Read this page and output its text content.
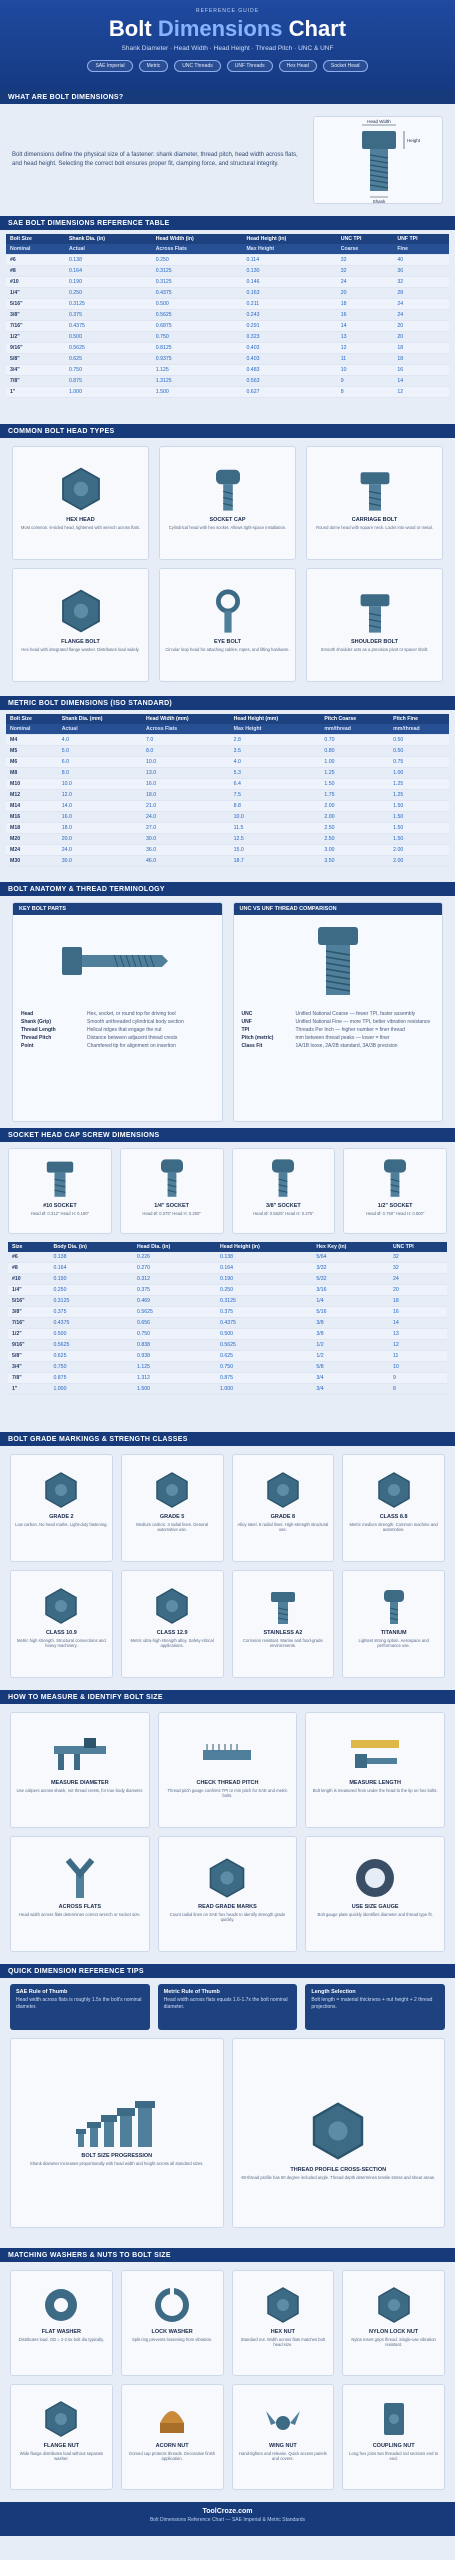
REFERENCE GUIDE
Bolt Dimensions Chart
Shank Diameter · Head Width · Head Height · Thread Pitch · UNC & UNF
SAE Imperial	Metric	UNC Threads	UNF Threads	Hex Head	Socket Head
WHAT ARE BOLT DIMENSIONS?
Bolt dimensions define the physical size of a fastener: shank diameter, thread pitch, head width across flats, and head height. Selecting the correct bolt ensures proper fit, clamping force, and structural integrity.
Head Width
Height
Shank
SAE BOLT DIMENSIONS REFERENCE TABLE
Bolt Size	Shank Dia. (in)	Head Width (in)	Head Height (in)	UNC TPI	UNF TPI
Nominal	Actual	Across Flats	Max Height	Coarse	Fine
#6	0.138	0.250	0.114	32	40
#8	0.164	0.3125	0.130	32	36
#10	0.190	0.3125	0.146	24	32
1/4"	0.250	0.4375	0.163	20	28
5/16"	0.3125	0.500	0.211	18	24
3/8"	0.375	0.5625	0.243	16	24
7/16"	0.4375	0.6875	0.291	14	20
1/2"	0.500	0.750	0.323	13	20
9/16"	0.5625	0.8125	0.403	12	18
5/8"	0.625	0.9375	0.403	11	18
3/4"	0.750	1.125	0.483	10	16
7/8"	0.875	1.3125	0.563	9	14
1"	1.000	1.500	0.627	8	12
COMMON BOLT HEAD TYPES
HEX HEAD
Most common. 6-sided head, tightened with wrench across flats.
SOCKET CAP
Cylindrical head with hex socket. Allows tight-space installation.
CARRIAGE BOLT
Round dome head with square neck. Locks into wood or metal.
FLANGE BOLT
Hex head with integrated flange washer. Distributes load widely.
EYE BOLT
Circular loop head for attaching cables, ropes, and lifting hardware.
SHOULDER BOLT
Smooth shoulder acts as a precision pivot or spacer shaft.
METRIC BOLT DIMENSIONS (ISO STANDARD)
Bolt Size	Shank Dia. (mm)	Head Width (mm)	Head Height (mm)	Pitch Coarse	Pitch Fine
Nominal	Actual	Across Flats	Max Height	mm/thread	mm/thread
M4	4.0	7.0	2.8	0.70	0.50
M5	5.0	8.0	3.5	0.80	0.50
M6	6.0	10.0	4.0	1.00	0.75
M8	8.0	13.0	5.3	1.25	1.00
M10	10.0	16.0	6.4	1.50	1.25
M12	12.0	18.0	7.5	1.75	1.25
M14	14.0	21.0	8.8	2.00	1.50
M16	16.0	24.0	10.0	2.00	1.50
M18	18.0	27.0	11.5	2.50	1.50
M20	20.0	30.0	12.5	2.50	1.50
M24	24.0	36.0	15.0	3.00	2.00
M30	30.0	46.0	18.7	3.50	2.00
BOLT ANATOMY & THREAD TERMINOLOGY
KEY BOLT PARTS
Head	Hex, socket, or round top for driving tool
Shank (Grip)	Smooth unthreaded cylindrical body section
Thread Length	Helical ridges that engage the nut
Thread Pitch	Distance between adjacent thread crests
Point	Chamfered tip for alignment on insertion
UNC VS UNF THREAD COMPARISON
UNC	Unified National Coarse — fewer TPI, faster assembly
UNF	Unified National Fine — more TPI, better vibration resistance
TPI	Threads Per Inch — higher number = finer thread
Pitch (metric)	mm between thread peaks — lower = finer
Class Fit	1A/1B loose, 2A/2B standard, 3A/3B precision
SOCKET HEAD CAP SCREW DIMENSIONS
#10 SOCKET
Head Ø: 0.312" Head H: 0.190"
1/4" SOCKET
Head Ø: 0.375" Head H: 0.250"
3/8" SOCKET
Head Ø: 0.5625" Head H: 0.375"
1/2" SOCKET
Head Ø: 0.750" Head H: 0.500"
Size	Body Dia. (in)	Head Dia. (in)	Head Height (in)	Hex Key (in)	UNC TPI
#6	0.138	0.226	0.138	5/64	32
#8	0.164	0.270	0.164	3/32	32
#10	0.190	0.312	0.190	5/32	24
1/4"	0.250	0.375	0.250	3/16	20
5/16"	0.3125	0.469	0.3125	1/4	18
3/8"	0.375	0.5625	0.375	5/16	16
7/16"	0.4375	0.656	0.4375	3/8	14
1/2"	0.500	0.750	0.500	3/8	13
9/16"	0.5625	0.838	0.5625	1/2	12
5/8"	0.625	0.938	0.625	1/2	11
3/4"	0.750	1.125	0.750	5/8	10
7/8"	0.875	1.312	0.875	3/4	9
1"	1.000	1.500	1.000	3/4	8
BOLT GRADE MARKINGS & STRENGTH CLASSES
GRADE 2
Low carbon. No head marks. Light-duty fastening.
GRADE 5
Medium carbon. 3 radial lines. General automotive use.
GRADE 8
Alloy steel. 6 radial lines. High-strength structural use.
CLASS 8.8
Metric medium strength. Common machine and automotive.
CLASS 10.9
Metric high strength. Structural connections and heavy machinery.
CLASS 12.9
Metric ultra-high strength alloy. Safety-critical applications.
STAINLESS A2
Corrosion resistant. Marine and food-grade environments.
TITANIUM
Lightest strong option. Aerospace and performance use.
HOW TO MEASURE & IDENTIFY BOLT SIZE
MEASURE DIAMETER
Use calipers across shank, not thread crests, for true body diameter.
CHECK THREAD PITCH
Thread pitch gauge confirms TPI or mm pitch for SAE and metric bolts.
MEASURE LENGTH
Bolt length is measured from under the head to the tip on hex bolts.
ACROSS FLATS
Head width across flats determines correct wrench or socket size.
READ GRADE MARKS
Count radial lines on SAE hex heads to identify strength grade quickly.
USE SIZE GAUGE
Bolt gauge plate quickly identifies diameter and thread type fit.
QUICK DIMENSION REFERENCE TIPS
SAE Rule of Thumb
Head width across flats is roughly 1.5x the bolt's nominal diameter.
Metric Rule of Thumb
Head width across flats equals 1.6-1.7x the bolt nominal diameter.
Length Selection
Bolt length = material thickness + nut height + 2 thread projections.
BOLT SIZE PROGRESSION
Shank diameter increases proportionally with head width and height across all standard sizes.
THREAD PROFILE CROSS-SECTION
60-thread profile has 60 degree included angle. Thread depth determines tensile stress and shear areas.
MATCHING WASHERS & NUTS TO BOLT SIZE
FLAT WASHER
Distributes load. OD = 2-2.5x bolt dia typically.
LOCK WASHER
Split ring prevents loosening from vibration.
HEX NUT
Standard nut. Width across flats matches bolt head size.
NYLON LOCK NUT
Nylon insert grips thread. Single-use vibration resistant.
FLANGE NUT
Wide flange distributes load without separate washer.
ACORN NUT
Domed cap protects threads. Decorative finish application.
WING NUT
Hand-tighten and release. Quick access panels and covers.
COUPLING NUT
Long hex joins two threaded rod sections end to end.
ToolCroze.com
Bolt Dimensions Reference Chart — SAE Imperial & Metric Standards
